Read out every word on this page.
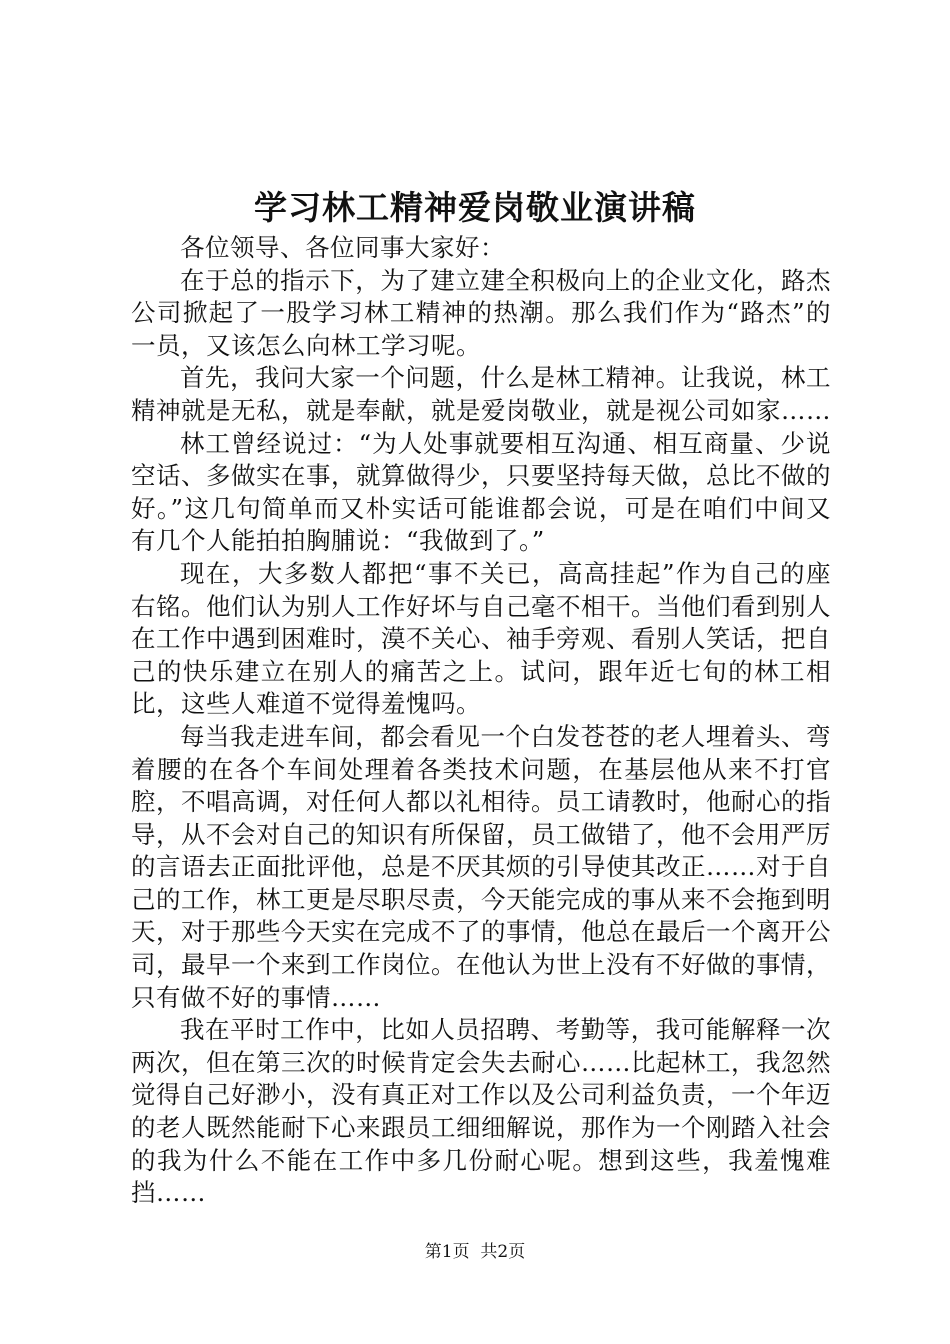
学习林工精神爱岗敬业演讲稿

各位领导、各位同事大家好：

在于总的指示下，为了建立建全积极向上的企业文化，路杰公司掀起了一股学习林工精神的热潮。那么我们作为“路杰”的一员，又该怎么向林工学习呢。

首先，我问大家一个问题，什么是林工精神。让我说，林工精神就是无私，就是奉献，就是爱岗敬业，就是视公司如家……

林工曾经说过：“为人处事就要相互沟通、相互商量、少说空话、多做实在事，就算做得少，只要坚持每天做，总比不做的好。”这几句简单而又朴实话可能谁都会说，可是在咱们中间又有几个人能拍拍胸脯说：“我做到了。”

现在，大多数人都把“事不关已，高高挂起”作为自己的座右铭。他们认为别人工作好坏与自己毫不相干。当他们看到别人在工作中遇到困难时，漠不关心、袖手旁观、看别人笑话，把自己的快乐建立在别人的痛苦之上。试问，跟年近七旬的林工相比，这些人难道不觉得羞愧吗。

每当我走进车间，都会看见一个白发苍苍的老人埋着头、弯着腰的在各个车间处理着各类技术问题，在基层他从来不打官腔，不唱高调，对任何人都以礼相待。员工请教时，他耐心的指导，从不会对自己的知识有所保留，员工做错了，他不会用严厉的言语去正面批评他，总是不厌其烦的引导使其改正……对于自己的工作，林工更是尽职尽责，今天能完成的事从来不会拖到明天，对于那些今天实在完成不了的事情，他总在最后一个离开公司，最早一个来到工作岗位。在他认为世上没有不好做的事情，只有做不好的事情……

我在平时工作中，比如人员招聘、考勤等，我可能解释一次两次，但在第三次的时候肯定会失去耐心……比起林工，我忽然觉得自己好渺小，没有真正对工作以及公司利益负责，一个年迈的老人既然能耐下心来跟员工细细解说，那作为一个刚踏入社会的我为什么不能在工作中多几份耐心呢。想到这些，我羞愧难挡……

第1页  共2页
